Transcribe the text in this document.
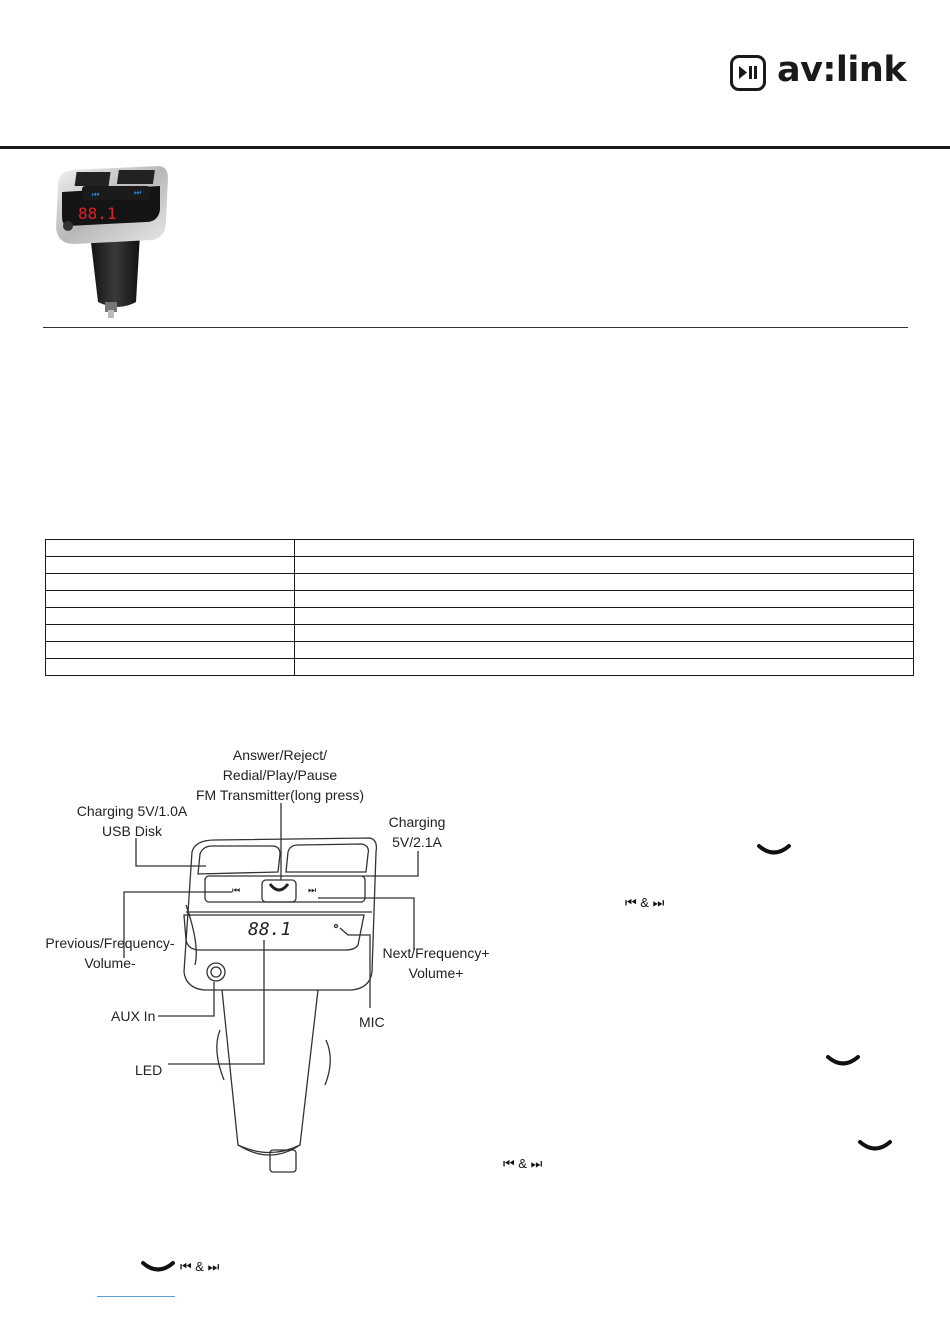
av:link
⏮	⏭
88.1

⏮	⏭
88.1
Answer/Reject/
Redial/Play/Pause
FM Transmitter(long press)
Charging 5V/1.0A
USB Disk
Charging
5V/2.1A
Previous/Frequency-
Volume-
Next/Frequency+
Volume+
AUX In	MIC
LED
⏮ & ⏭
⏮ & ⏭
⏮ & ⏭
